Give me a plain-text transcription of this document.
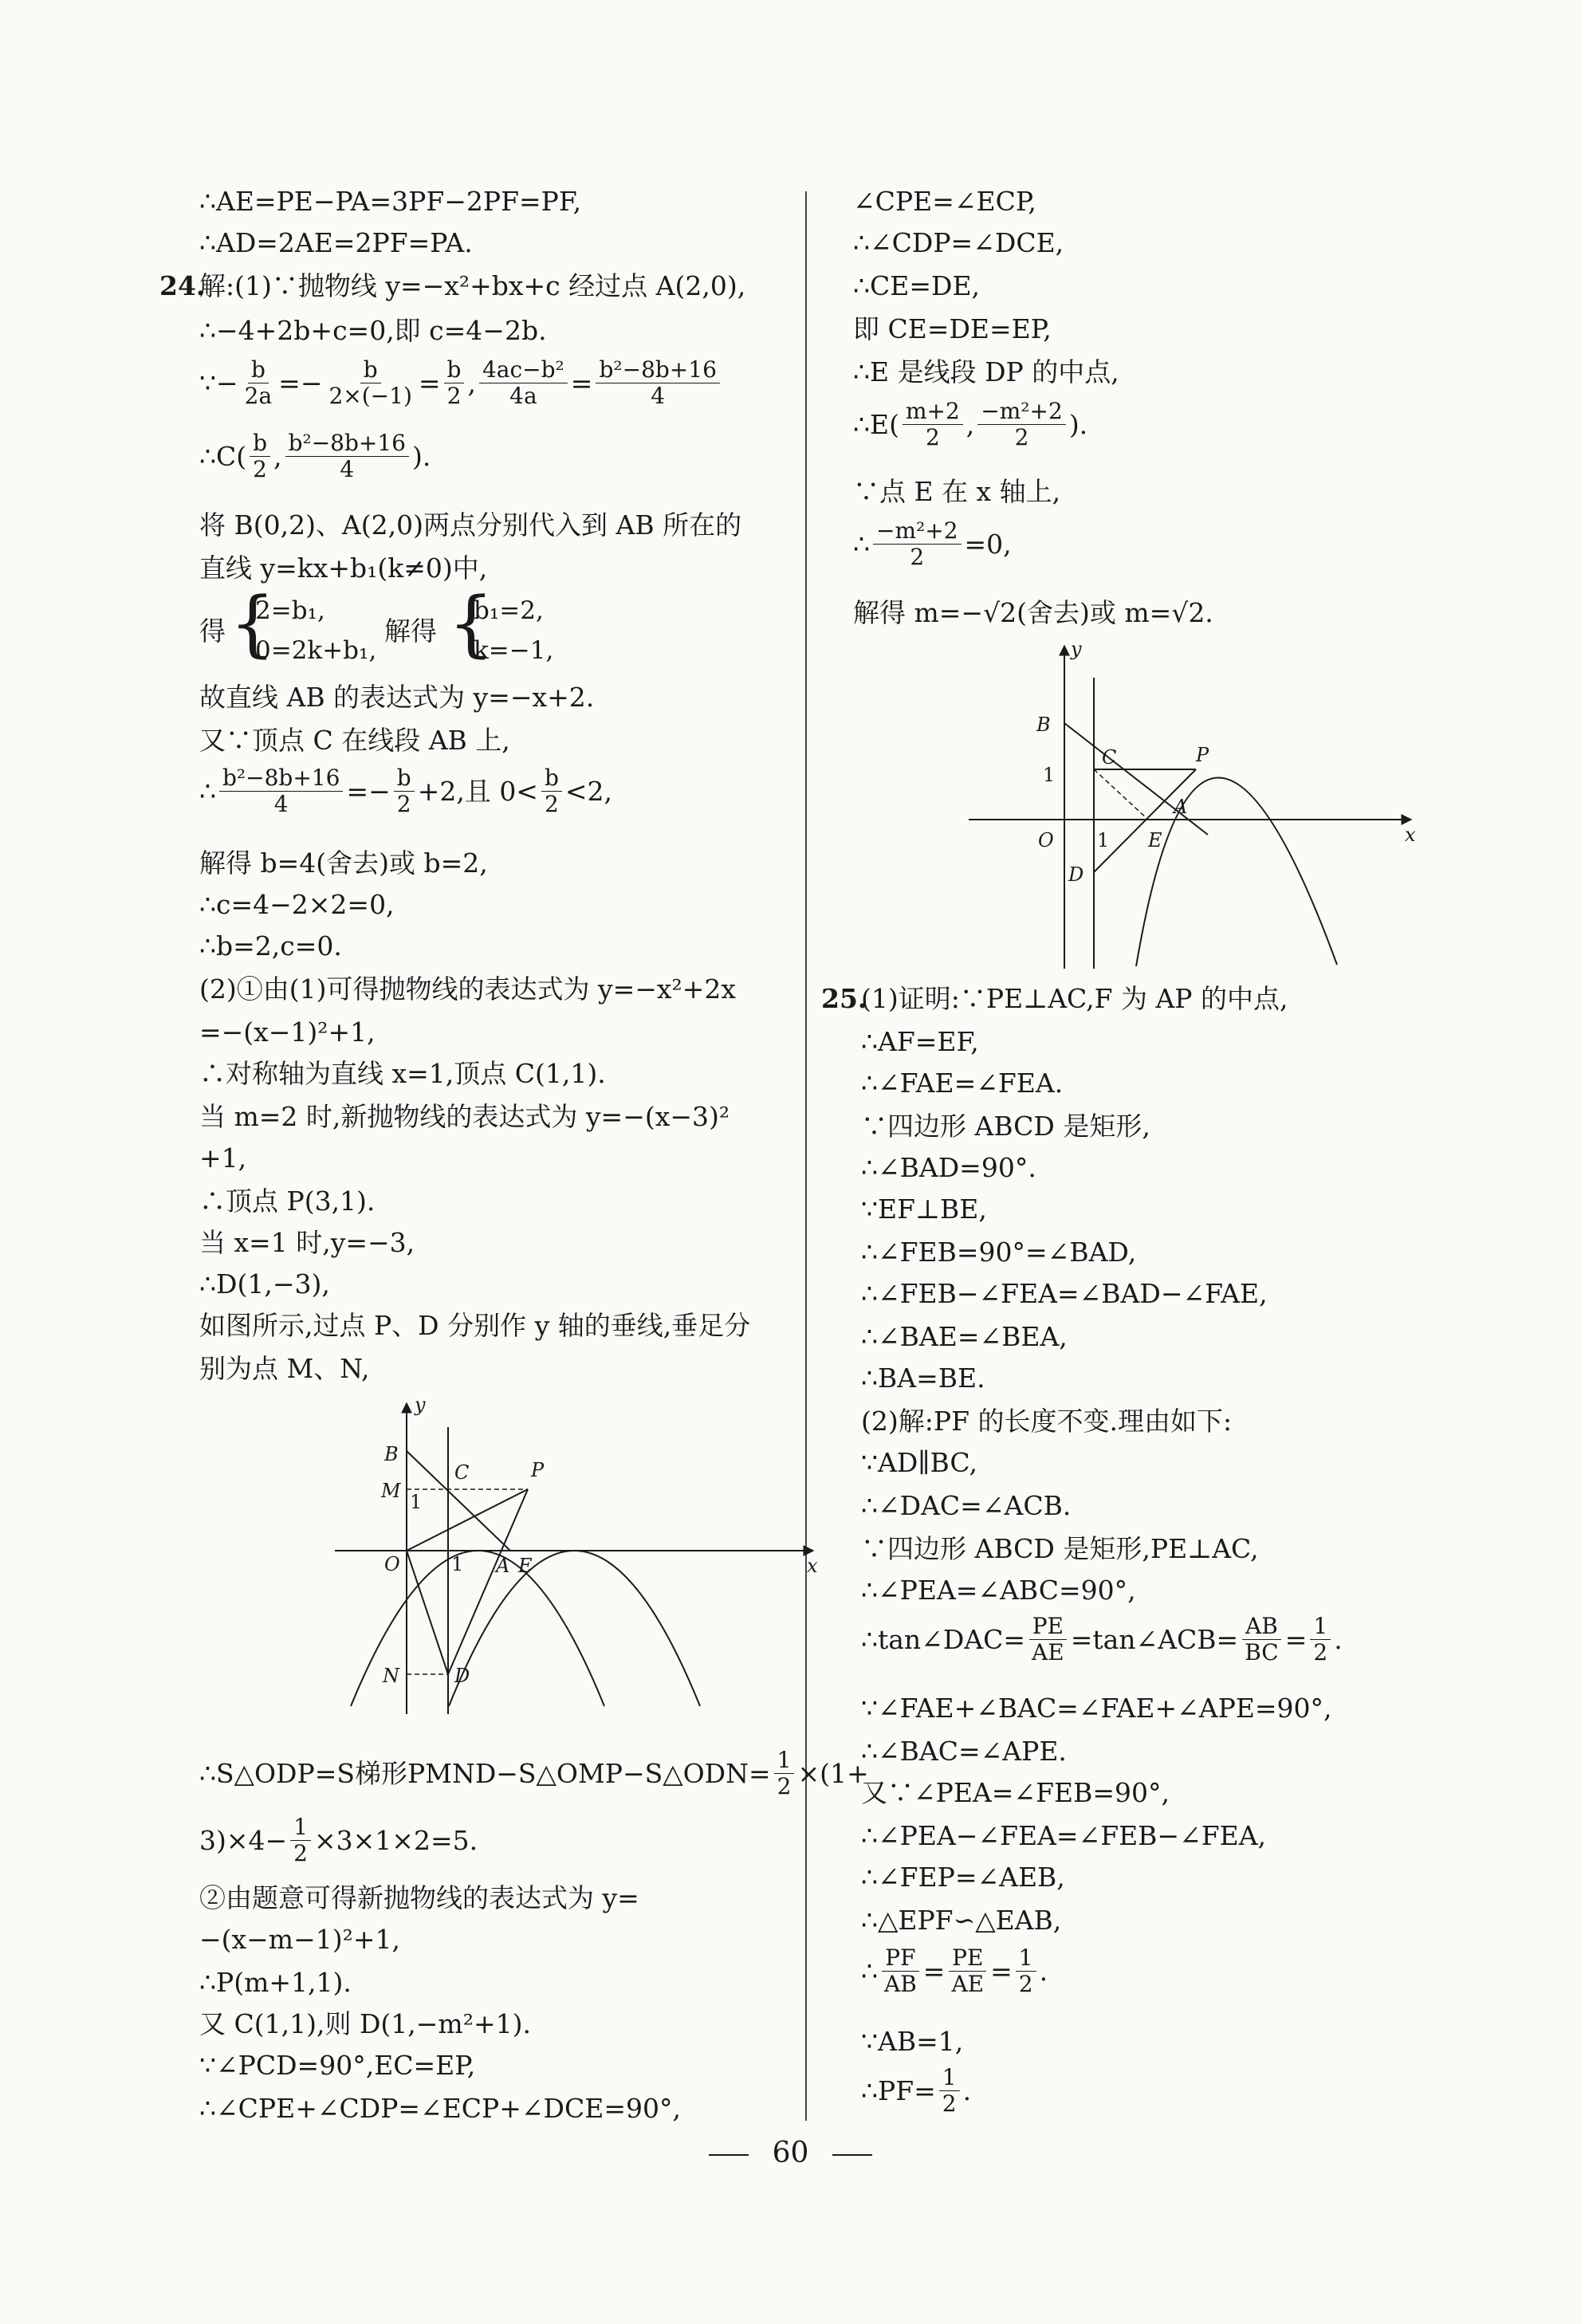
∴AE=PE−PA=3PF−2PF=PF,
∴AD=2AE=2PF=PA.
24.
解:(1)∵抛物线 y=−x²+bx+c 经过点 A(2,0),
∴−4+2b+c=0,即 c=4−2b.
∵− $\frac{b}{2a} =- \frac{b}{2\times(-1)} = \frac{b}{2}$ , $\frac{\text{4ac−b²}}{4a} = \frac{\text{b²−8b+16}}{4}$
∴C( $\frac{b}{2}$ , $\frac{\text{b²−8b+16}}{4}$ ).
将 B(0,2)、A(2,0)两点分别代入到 AB 所在的
直线 y=kx+b₁(k≠0)中,
得 {
2=b₁,
0=2k+b₁,
解得 {
b₁=2,
k=−1,
故直线 AB 的表达式为 y=−x+2.
又∵顶点 C 在线段 AB 上,
∴ $\frac{\text{b²−8b+16}}{4} =- \frac{b}{2} +2$,且 $0< \frac{b}{2} <2$,
解得 b=4(舍去)或 b=2,
∴c=4−2×2=0,
∴b=2,c=0.
(2)①由(1)可得抛物线的表达式为 y=−x²+2x
=−(x−1)²+1,
∴对称轴为直线 x=1,顶点 C(1,1).
当 m=2 时,新抛物线的表达式为 y=−(x−3)²
+1,
∴顶点 P(3,1).
当 x=1 时,y=−3,
∴D(1,−3),
如图所示,过点 P、D 分别作 y 轴的垂线,垂足分
别为点 M、N,
y
x
B
M
C	P
O	1
1
A E
N	D
∴S△ODP=S梯形PMND−S△OMP−S△ODN= $\frac{1}{2} \times(1+$
$3)\times 4- \frac{1}{2} \times 3\times 1\times 2=5$.
②由题意可得新抛物线的表达式为 y=
−(x−m−1)²+1,
∴P(m+1,1).
又 C(1,1),则 D(1,−m²+1).
∵∠PCD=90°,EC=EP,
∴∠CPE+∠CDP=∠ECP+∠DCE=90°,
∠CPE=∠ECP,
∴∠CDP=∠DCE,
∴CE=DE,
即 CE=DE=EP,
∴E 是线段 DP 的中点,
∴E( $\frac{m+2}{2}$ , $\frac{\text{−m²+2}}{2}$ ).
∵点 E 在 x 轴上,
∴ $\frac{\text{−m²+2}}{2} =0$,
解得 m=−√2(舍去)或 m=√2.
y
x
B
C	P
O 1
1
A
E
D
25.
(1)证明:∵PE⊥AC,F 为 AP 的中点,
∴AF=EF,
∴∠FAE=∠FEA.
∵四边形 ABCD 是矩形,
∴∠BAD=90°.
∵EF⊥BE,
∴∠FEB=90°=∠BAD,
∴∠FEB−∠FEA=∠BAD−∠FAE,
∴∠BAE=∠BEA,
∴BA=BE.
(2)解:PF 的长度不变.理由如下:
∵AD∥BC,
∴∠DAC=∠ACB.
∵四边形 ABCD 是矩形,PE⊥AC,
∴∠PEA=∠ABC=90°,
∴tan∠DAC= $\frac{PE}{AE}$ =tan∠ACB= $\frac{AB}{BC} = \frac{1}{2}$ .
∵∠FAE+∠BAC=∠FAE+∠APE=90°,
∴∠BAC=∠APE.
又∵∠PEA=∠FEB=90°,
∴∠PEA−∠FEA=∠FEB−∠FEA,
∴∠FEP=∠AEB,
∴△EPF∽△EAB,
∴ $\frac{PF}{AB} = \frac{PE}{AE} = \frac{1}{2}$ .
∵AB=1,
∴PF= $\frac{1}{2}$ .
60
